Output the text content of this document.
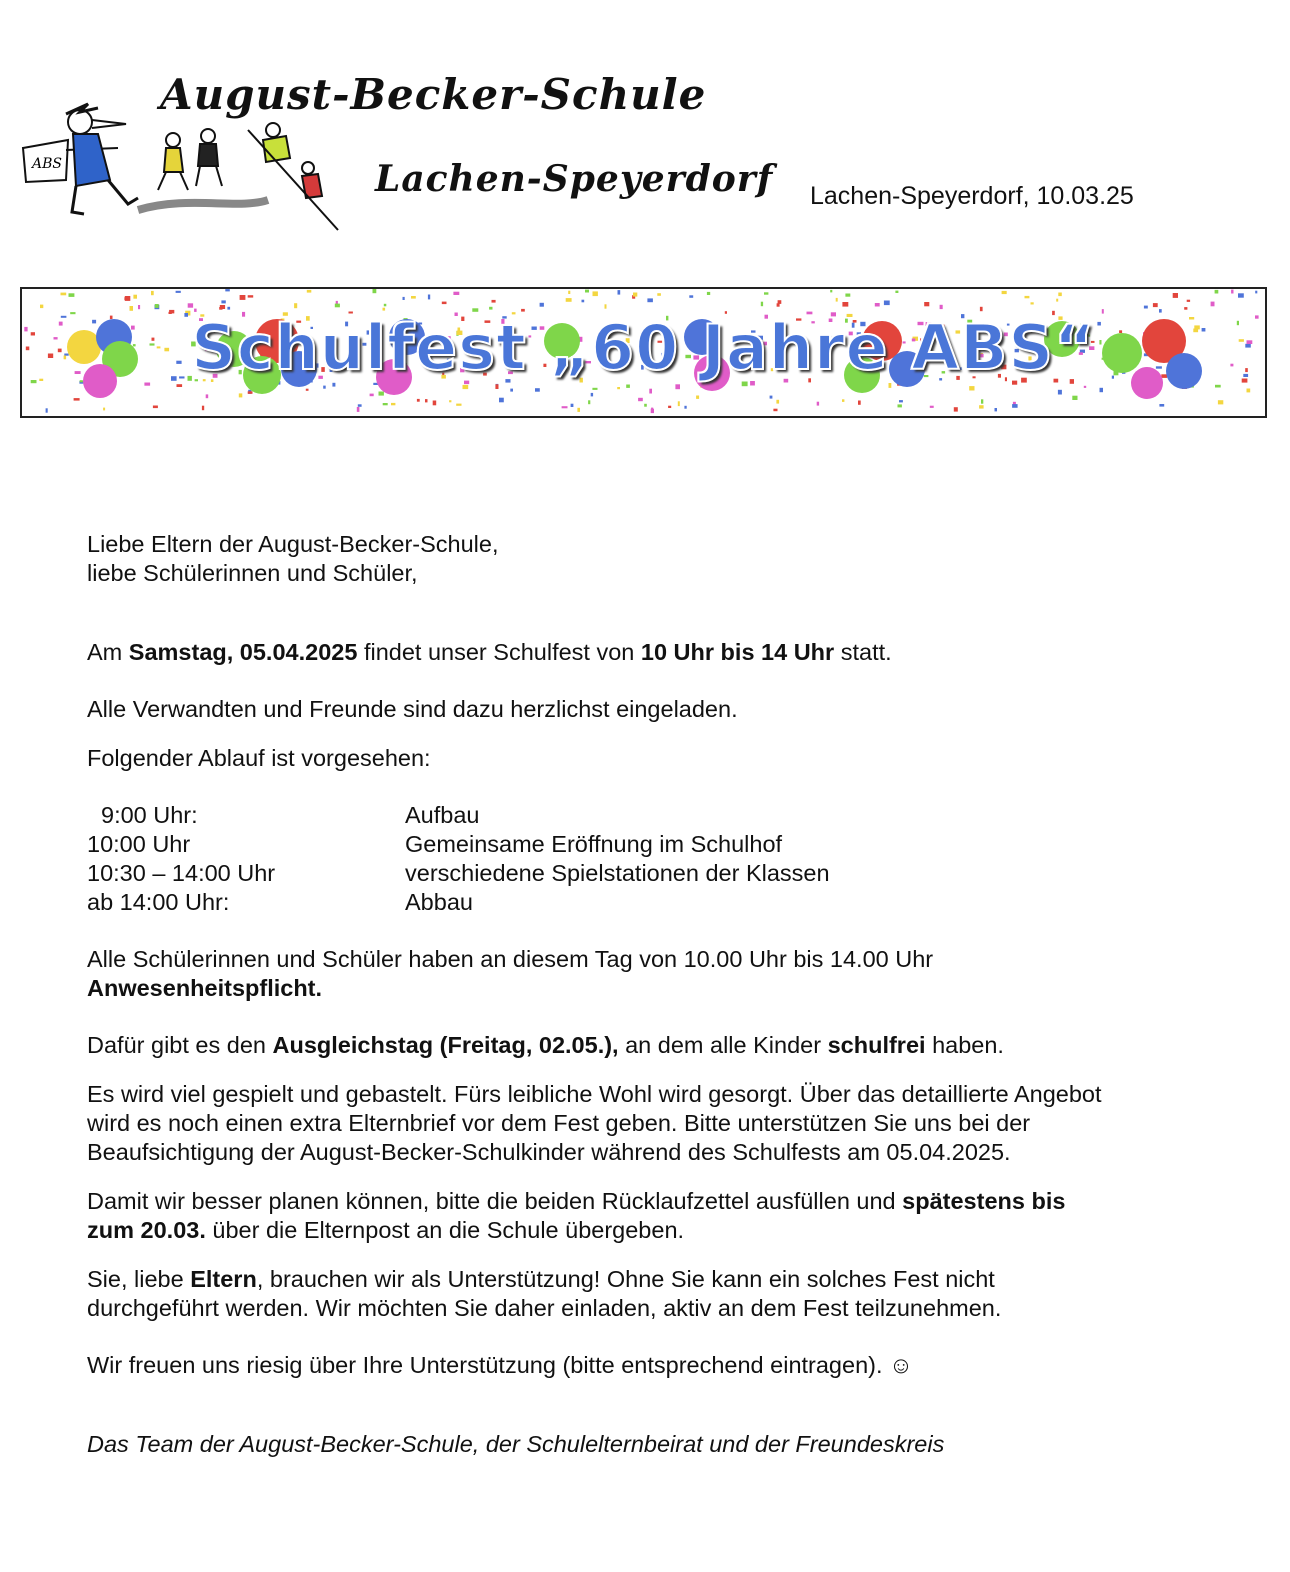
ABS
August-Becker-Schule
Lachen-Speyerdorf Lachen-Speyerdorf, 10.03.25
Schulfest „60 Jahre ABS“

Liebe Eltern der August-Becker-Schule,

liebe Schülerinnen und Schüler,

Am Samstag, 05.04.2025 findet unser Schulfest von 10 Uhr bis 14 Uhr statt.

Alle Verwandten und Freunde sind dazu herzlichst eingeladen.

Folgender Ablauf ist vorgesehen:

9:00 Uhr:	Aufbau
10:00 Uhr	Gemeinsame Eröffnung im Schulhof
10:30 – 14:00 Uhr	verschiedene Spielstationen der Klassen
ab 14:00 Uhr:	Abbau

Alle Schülerinnen und Schüler haben an diesem Tag von 10.00 Uhr bis 14.00 Uhr
Anwesenheitspflicht.

Dafür gibt es den Ausgleichstag (Freitag, 02.05.), an dem alle Kinder schulfrei haben.

Es wird viel gespielt und gebastelt. Fürs leibliche Wohl wird gesorgt. Über das detaillierte Angebot
wird es noch einen extra Elternbrief vor dem Fest geben. Bitte unterstützen Sie uns bei der
Beaufsichtigung der August-Becker-Schulkinder während des Schulfests am 05.04.2025.

Damit wir besser planen können, bitte die beiden Rücklaufzettel ausfüllen und spätestens bis
zum 20.03. über die Elternpost an die Schule übergeben.

Sie, liebe Eltern, brauchen wir als Unterstützung! Ohne Sie kann ein solches Fest nicht
durchgeführt werden. Wir möchten Sie daher einladen, aktiv an dem Fest teilzunehmen.

Wir freuen uns riesig über Ihre Unterstützung (bitte entsprechend eintragen). ☺

Das Team der August-Becker-Schule, der Schulelternbeirat und der Freundeskreis
